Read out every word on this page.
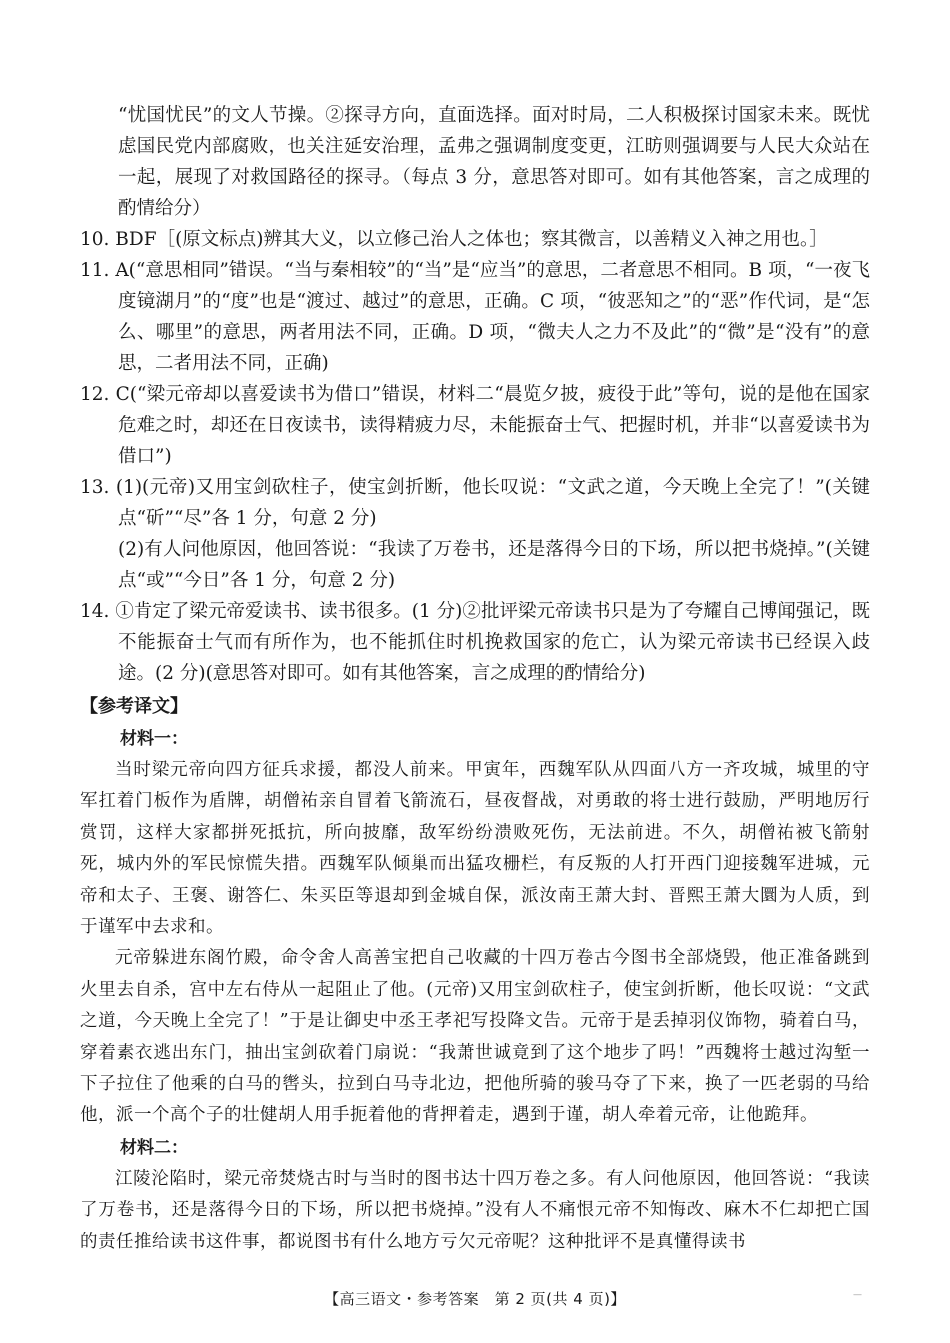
“忧国忧民”的文人节操。②探寻方向，直面选择。面对时局，二人积极探讨国家未来。既忧虑国民党内部腐败，也关注延安治理，孟弗之强调制度变更，江昉则强调要与人民大众站在一起，展现了对救国路径的探寻。（每点 3 分，意思答对即可。如有其他答案，言之成理的酌情给分）

10. BDF［(原文标点)辨其大义，以立修己治人之体也；察其微言，以善精义入神之用也。］

11. A(“意思相同”错误。“当与秦相较”的“当”是“应当”的意思，二者意思不相同。B 项，“一夜飞度镜湖月”的“度”也是“渡过、越过”的意思，正确。C 项，“彼恶知之”的“恶”作代词，是“怎么、哪里”的意思，两者用法不同，正确。D 项，“微夫人之力不及此”的“微”是“没有”的意思，二者用法不同，正确)

12. C(“梁元帝却以喜爱读书为借口”错误，材料二“晨览夕披，疲役于此”等句，说的是他在国家危难之时，却还在日夜读书，读得精疲力尽，未能振奋士气、把握时机，并非“以喜爱读书为借口”)

13. (1)(元帝)又用宝剑砍柱子，使宝剑折断，他长叹说：“文武之道，今天晚上全完了！”(关键点“斫”“尽”各 1 分，句意 2 分)

(2)有人问他原因，他回答说：“我读了万卷书，还是落得今日的下场，所以把书烧掉。”(关键点“或”“今日”各 1 分，句意 2 分)

14. ①肯定了梁元帝爱读书、读书很多。(1 分)②批评梁元帝读书只是为了夸耀自己博闻强记，既不能振奋士气而有所作为，也不能抓住时机挽救国家的危亡，认为梁元帝读书已经误入歧途。(2 分)(意思答对即可。如有其他答案，言之成理的酌情给分)

【参考译文】

材料一：

当时梁元帝向四方征兵求援，都没人前来。甲寅年，西魏军队从四面八方一齐攻城，城里的守军扛着门板作为盾牌，胡僧祐亲自冒着飞箭流石，昼夜督战，对勇敢的将士进行鼓励，严明地厉行赏罚，这样大家都拼死抵抗，所向披靡，敌军纷纷溃败死伤，无法前进。不久，胡僧祐被飞箭射死，城内外的军民惊慌失措。西魏军队倾巢而出猛攻栅栏，有反叛的人打开西门迎接魏军进城，元帝和太子、王褒、谢答仁、朱买臣等退却到金城自保，派汝南王萧大封、晋熙王萧大圜为人质，到于谨军中去求和。

元帝躲进东阁竹殿，命令舍人高善宝把自己收藏的十四万卷古今图书全部烧毁，他正准备跳到火里去自杀，宫中左右侍从一起阻止了他。(元帝)又用宝剑砍柱子，使宝剑折断，他长叹说：“文武之道，今天晚上全完了！”于是让御史中丞王孝祀写投降文告。元帝于是丢掉羽仪饰物，骑着白马，穿着素衣逃出东门，抽出宝剑砍着门扇说：“我萧世诚竟到了这个地步了吗！”西魏将士越过沟堑一下子拉住了他乘的白马的辔头，拉到白马寺北边，把他所骑的骏马夺了下来，换了一匹老弱的马给他，派一个高个子的壮健胡人用手扼着他的背押着走，遇到于谨，胡人牵着元帝，让他跪拜。

材料二：

江陵沦陷时，梁元帝焚烧古时与当时的图书达十四万卷之多。有人问他原因，他回答说：“我读了万卷书，还是落得今日的下场，所以把书烧掉。”没有人不痛恨元帝不知悔改、麻木不仁却把亡国的责任推给读书这件事，都说图书有什么地方亏欠元帝呢？这种批评不是真懂得读书

【高三语文・参考答案　第 2 页(共 4 页)】	—
